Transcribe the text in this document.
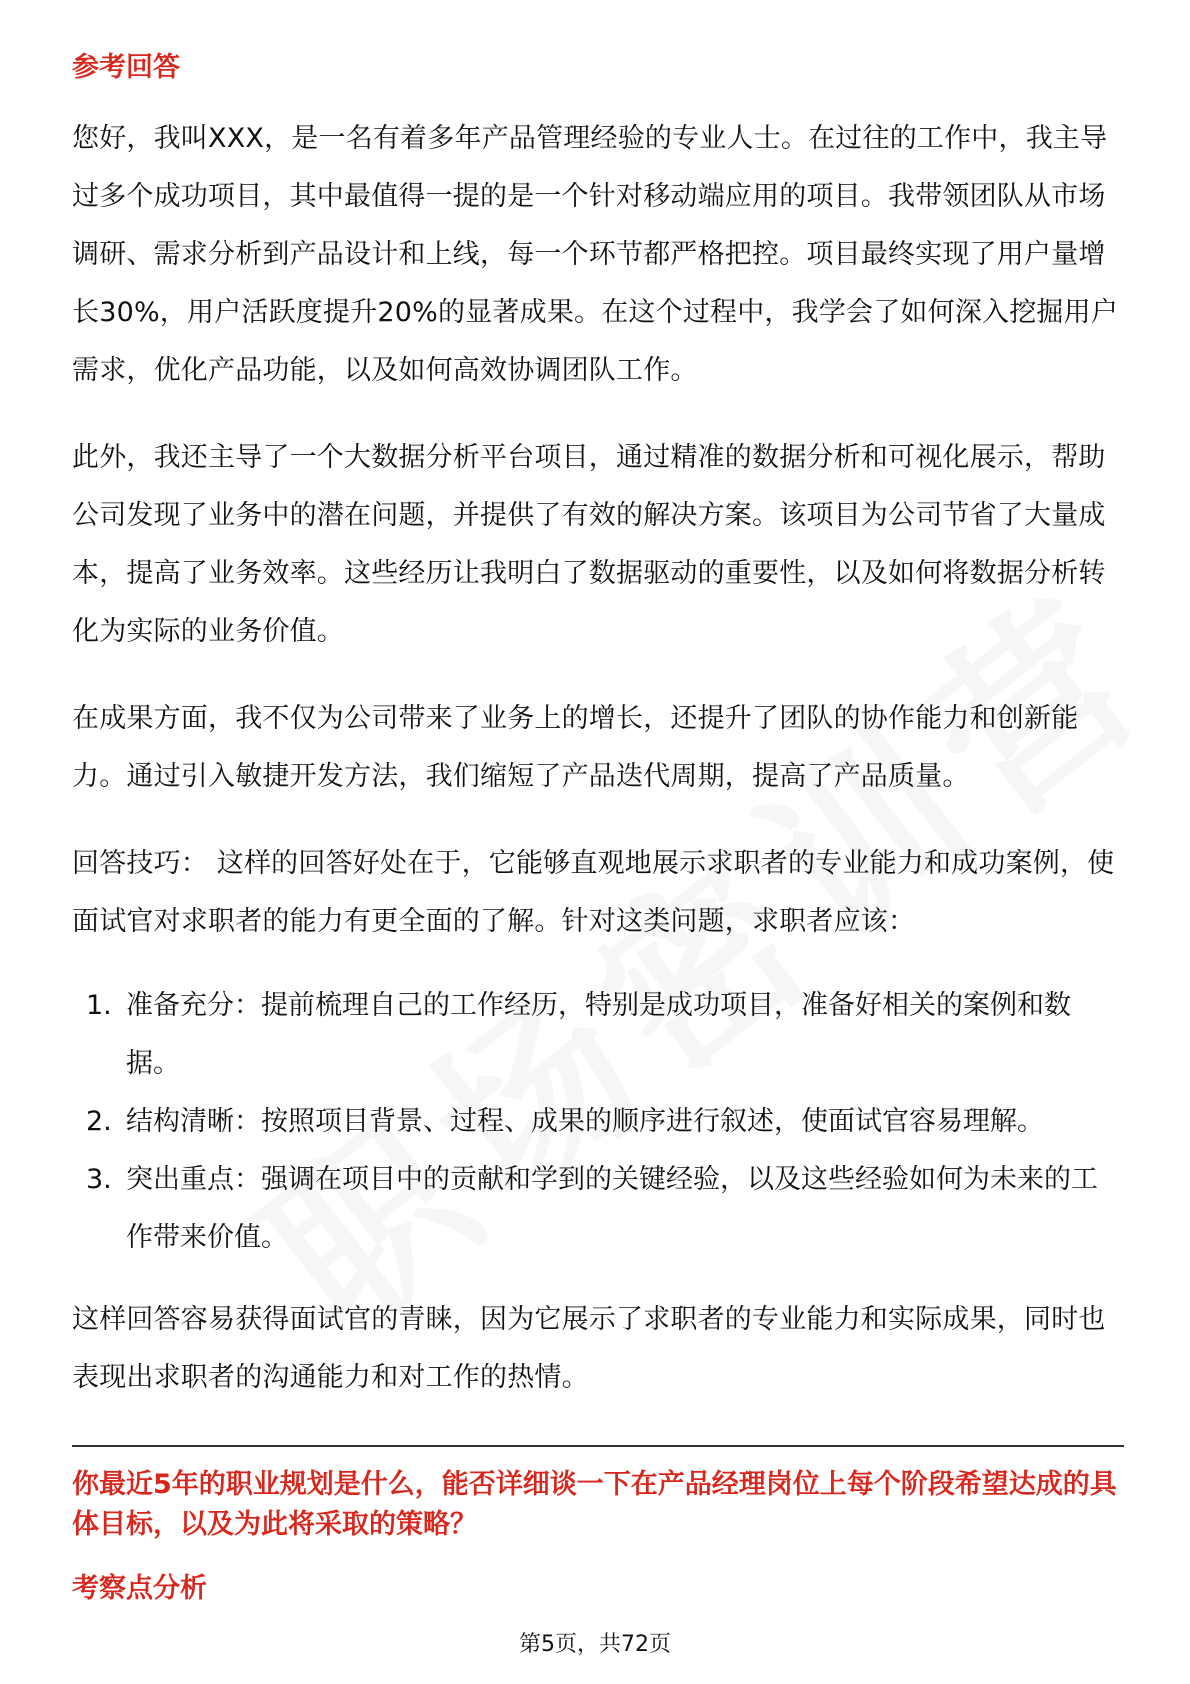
参考回答

您好，我叫XXX，是一名有着多年产品管理经验的专业人士。在过往的工作中，我主导过多个成功项目，其中最值得一提的是一个针对移动端应用的项目。我带领团队从市场调研、需求分析到产品设计和上线，每一个环节都严格把控。项目最终实现了用户量增长30%，用户活跃度提升20%的显著成果。在这个过程中，我学会了如何深入挖掘用户需求，优化产品功能，以及如何高效协调团队工作。

此外，我还主导了一个大数据分析平台项目，通过精准的数据分析和可视化展示，帮助公司发现了业务中的潜在问题，并提供了有效的解决方案。该项目为公司节省了大量成本，提高了业务效率。这些经历让我明白了数据驱动的重要性，以及如何将数据分析转化为实际的业务价值。

在成果方面，我不仅为公司带来了业务上的增长，还提升了团队的协作能力和创新能力。通过引入敏捷开发方法，我们缩短了产品迭代周期，提高了产品质量。

回答技巧： 这样的回答好处在于，它能够直观地展示求职者的专业能力和成功案例，使面试官对求职者的能力有更全面的了解。针对这类问题，求职者应该：

1. 准备充分：提前梳理自己的工作经历，特别是成功项目，准备好相关的案例和数据。
2. 结构清晰：按照项目背景、过程、成果的顺序进行叙述，使面试官容易理解。
3. 突出重点：强调在项目中的贡献和学到的关键经验，以及这些经验如何为未来的工作带来价值。

这样回答容易获得面试官的青睐，因为它展示了求职者的专业能力和实际成果，同时也表现出求职者的沟通能力和对工作的热情。

你最近5年的职业规划是什么，能否详细谈一下在产品经理岗位上每个阶段希望达成的具体目标，以及为此将采取的策略？
考察点分析
第5页，共72页
